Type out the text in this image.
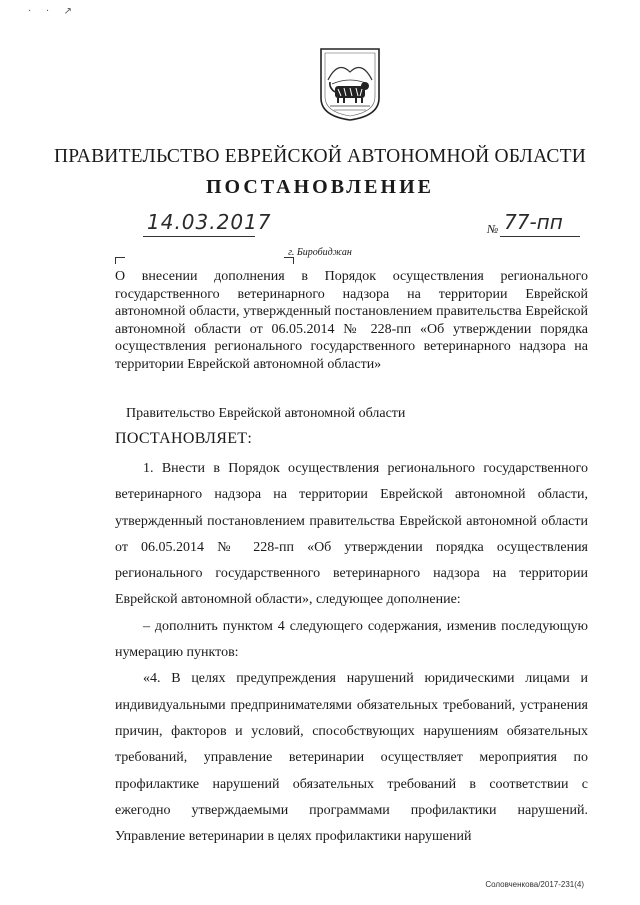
· · ↗
ПРАВИТЕЛЬСТВО ЕВРЕЙСКОЙ АВТОНОМНОЙ ОБЛАСТИ
ПОСТАНОВЛЕНИЕ
14.03.2017	№ 77-пп
г. Биробиджан
О внесении дополнения в Порядок осуществления регионального государственного ветеринарного надзора на территории Еврейской автономной области, утвержденный постановлением правительства Еврейской автономной области от 06.05.2014 № 228-пп «Об утверждении порядка осуществления регионального государственного ветеринарного надзора на территории Еврейской автономной области»
Правительство Еврейской автономной области
ПОСТАНОВЛЯЕТ:

1. Внести в Порядок осуществления регионального государственного ветеринарного надзора на территории Еврейской автономной области, утвержденный постановлением правительства Еврейской автономной области от 06.05.2014 № 228-пп «Об утверждении порядка осуществления регионального государственного ветеринарного надзора на территории Еврейской автономной области», следующее дополнение:

– дополнить пунктом 4 следующего содержания, изменив последующую нумерацию пунктов:

«4. В целях предупреждения нарушений юридическими лицами и индивидуальными предпринимателями обязательных требований, устранения причин, факторов и условий, способствующих нарушениям обязательных требований, управление ветеринарии осуществляет мероприятия по профилактике нарушений обязательных требований в соответствии с ежегодно утверждаемыми программами профилактики нарушений. Управление ветеринарии в целях профилактики нарушений

Соловченкова/2017-231(4)
